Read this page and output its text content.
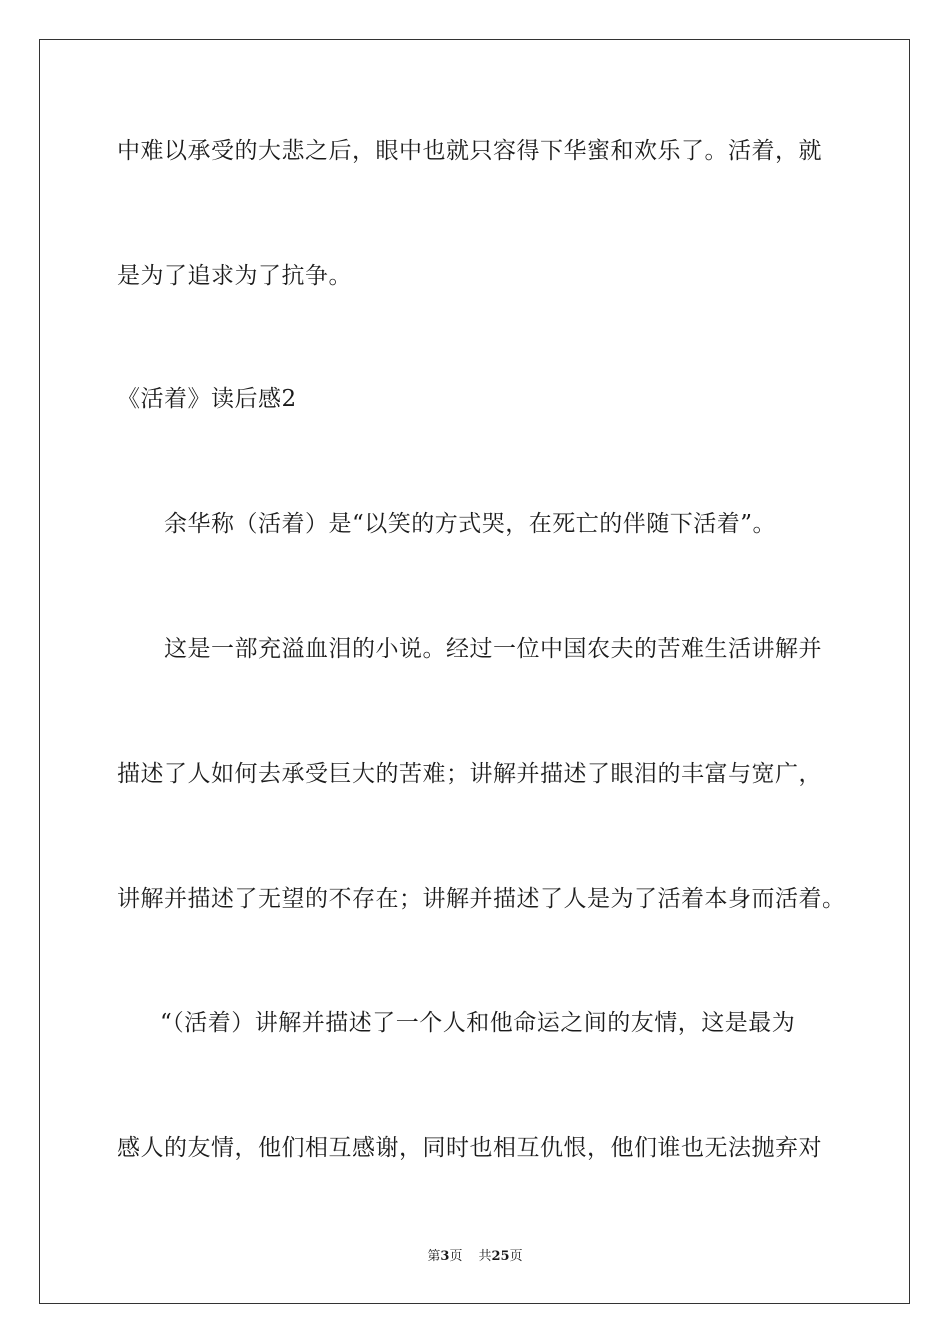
中难以承受的大悲之后，眼中也就只容得下华蜜和欢乐了。活着，就
是为了追求为了抗争。
《活着》读后感2
余华称（活着）是“以笑的方式哭，在死亡的伴随下活着”。
这是一部充溢血泪的小说。经过一位中国农夫的苦难生活讲解并
描述了人如何去承受巨大的苦难；讲解并描述了眼泪的丰富与宽广，
讲解并描述了无望的不存在；讲解并描述了人是为了活着本身而活着。
“（活着）讲解并描述了一个人和他命运之间的友情，这是最为
感人的友情，他们相互感谢，同时也相互仇恨，他们谁也无法抛弃对
第3页 共25页
